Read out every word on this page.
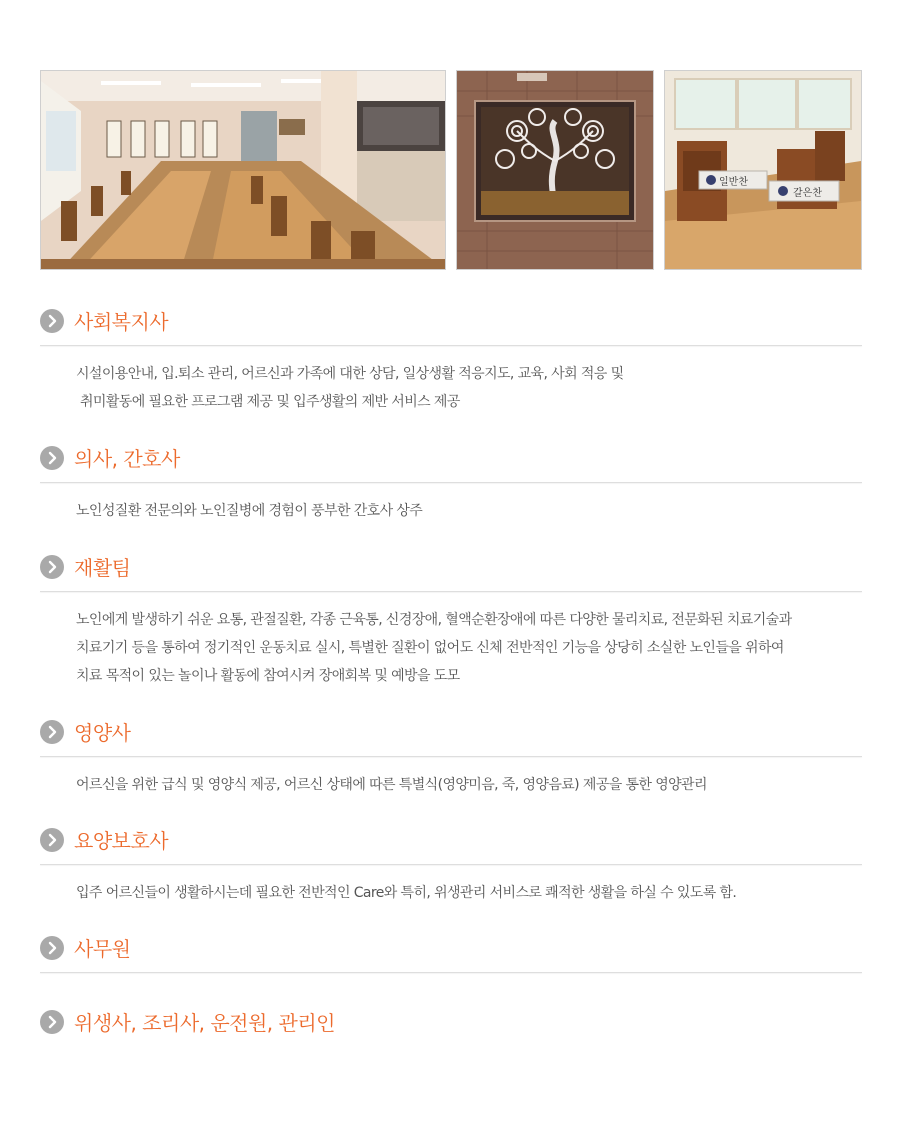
일반찬
갈은찬
사회복지사

시설이용안내, 입.퇴소 관리, 어르신과 가족에 대한 상담, 일상생활 적응지도, 교육, 사회 적응 및

취미활동에 필요한 프로그램 제공 및 입주생활의 제반 서비스 제공

의사, 간호사

노인성질환 전문의와 노인질병에 경험이 풍부한 간호사 상주

재활팀

노인에게 발생하기 쉬운 요통, 관절질환, 각종 근육통, 신경장애, 혈액순환장애에 따른 다양한 물리치료, 전문화된 치료기술과

치료기기 등을 통하여 정기적인 운동치료 실시, 특별한 질환이 없어도 신체 전반적인 기능을 상당히 소실한 노인들을 위하여

치료 목적이 있는 놀이나 활동에 참여시켜 장애회복 및 예방을 도모

영양사

어르신을 위한 급식 및 영양식 제공, 어르신 상태에 따른 특별식(영양미음, 죽, 영양음료) 제공을 통한 영양관리

요양보호사

입주 어르신들이 생활하시는데 필요한 전반적인 Care와 특히, 위생관리 서비스로 쾌적한 생활을 하실 수 있도록 함.

사무원
위생사, 조리사, 운전원, 관리인
